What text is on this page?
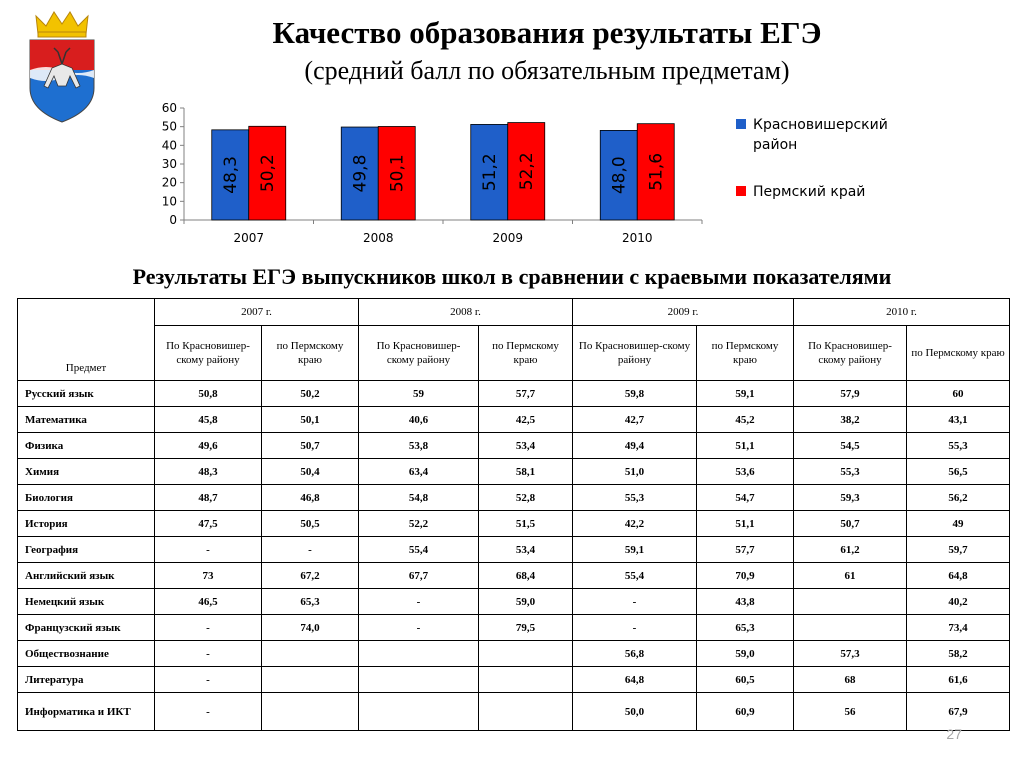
Качество образования результаты ЕГЭ
(средний балл по обязательным предметам)
0
10
20
30
40
50
60
48,3 50,2
2007
49,8 50,1
2008
51,2 52,2
2009
48,0 51,6
2010
Красновишерский район
Пермский край
Результаты ЕГЭ выпускников школ в сравнении с краевыми показателями
Предмет	2007 г.		2008 г.		2009 г.		2010 г.	
	По Красновишер-скому району	по Пермскому краю	По Красновишер-скому району	по Пермскому краю	По Красновишер-скому району	по Пермскому краю	По Красновишер-скому району	по Пермскому краю
Русский язык	50,8	50,2	59	57,7	59,8	59,1	57,9	60
Математика	45,8	50,1	40,6	42,5	42,7	45,2	38,2	43,1
Физика	49,6	50,7	53,8	53,4	49,4	51,1	54,5	55,3
Химия	48,3	50,4	63,4	58,1	51,0	53,6	55,3	56,5
Биология	48,7	46,8	54,8	52,8	55,3	54,7	59,3	56,2
История	47,5	50,5	52,2	51,5	42,2	51,1	50,7	49
География	-	-	55,4	53,4	59,1	57,7	61,2	59,7
Английский язык	73	67,2	67,7	68,4	55,4	70,9	61	64,8
Немецкий язык	46,5	65,3	-	59,0	-	43,8		40,2
Французский язык	-	74,0	-	79,5	-	65,3		73,4
Обществознание	-				56,8	59,0	57,3	58,2
Литература	-				64,8	60,5	68	61,6
Информатика и ИКТ	-				50,0	60,9	56	67,9
27
